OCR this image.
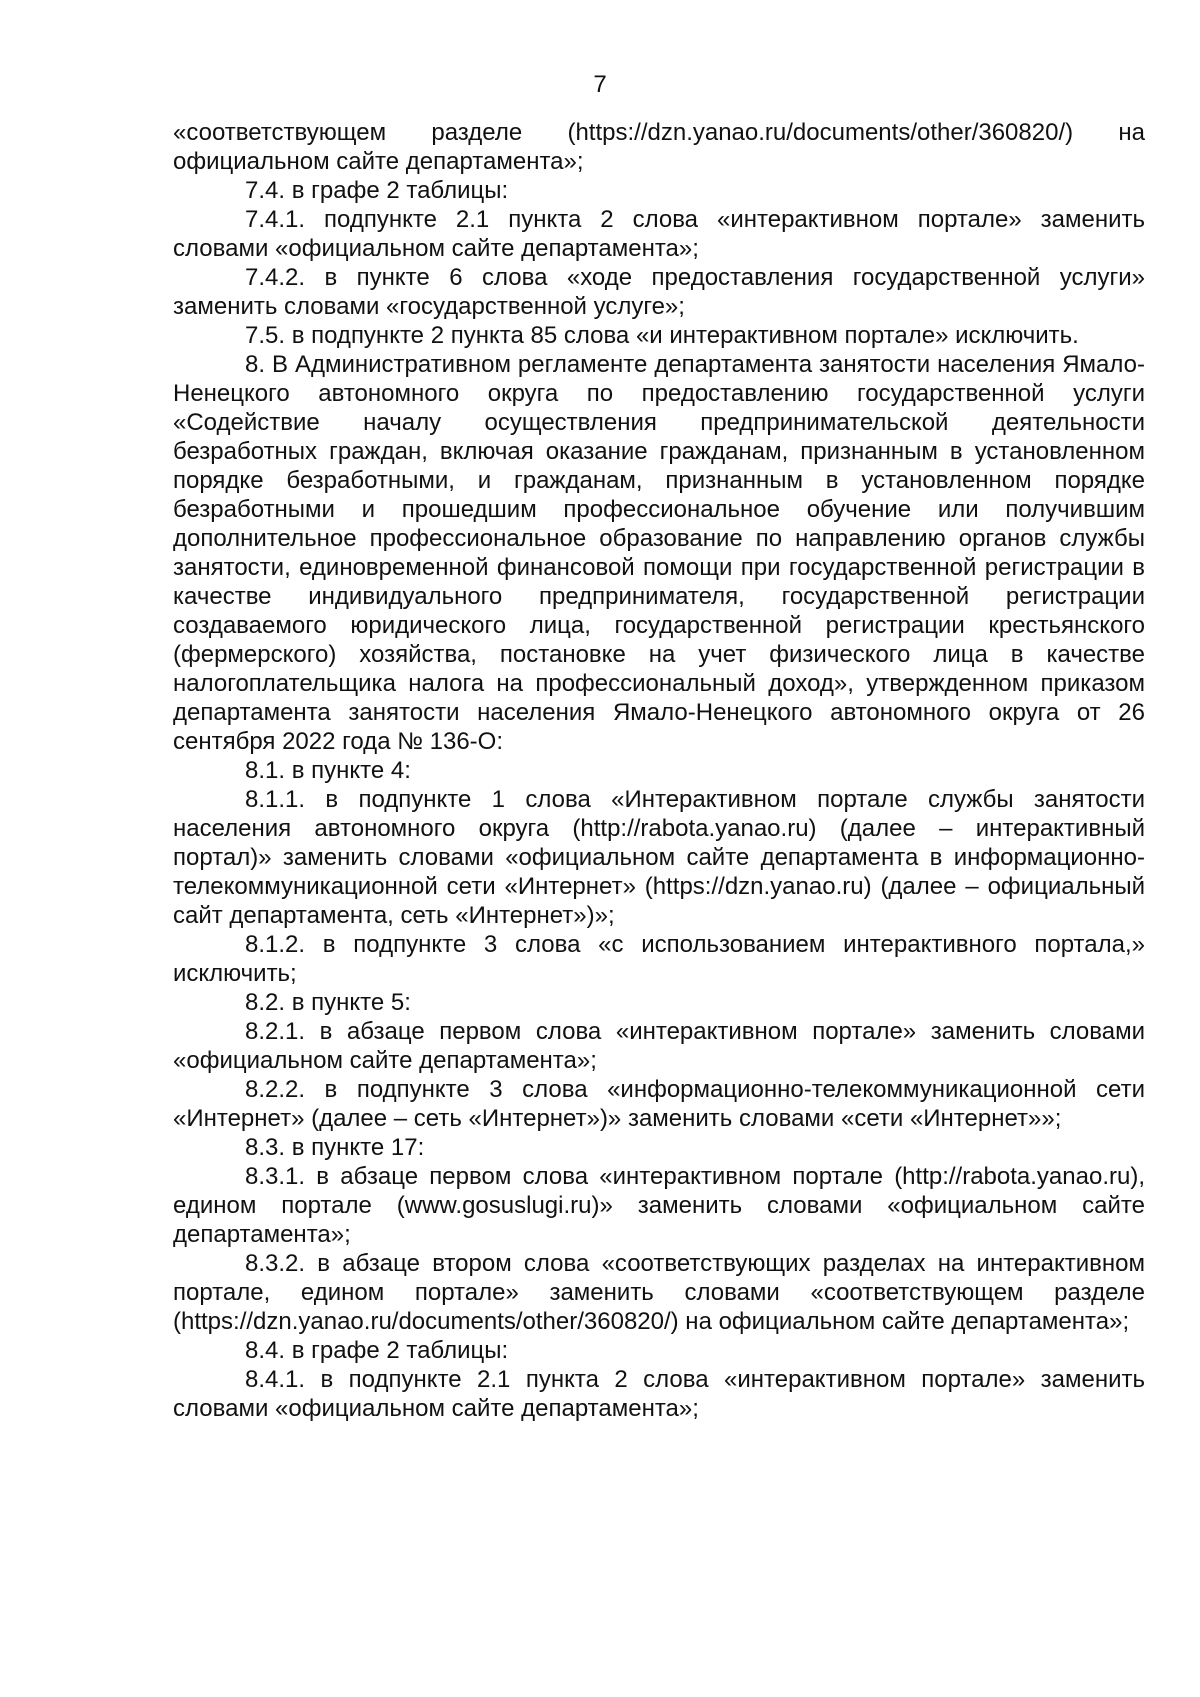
7

«соответствующем разделе (https://dzn.yanao.ru/documents/other/360820/) на официальном сайте департамента»;

7.4. в графе 2 таблицы:

7.4.1. подпункте 2.1 пункта 2 слова «интерактивном портале» заменить словами «официальном сайте департамента»;

7.4.2. в пункте 6 слова «ходе предоставления государственной услуги» заменить словами «государственной услуге»;

7.5. в подпункте 2 пункта 85 слова «и интерактивном портале» исключить.

8. В Административном регламенте департамента занятости населения Ямало-Ненецкого автономного округа по предоставлению государственной услуги «Содействие началу осуществления предпринимательской деятельности безработных граждан, включая оказание гражданам, признанным в установленном порядке безработными, и гражданам, признанным в установленном порядке безработными и прошедшим профессиональное обучение или получившим дополнительное профессиональное образование по направлению органов службы занятости, единовременной финансовой помощи при государственной регистрации в качестве индивидуального предпринимателя, государственной регистрации создаваемого юридического лица, государственной регистрации крестьянского (фермерского) хозяйства, постановке на учет физического лица в качестве налогоплательщика налога на профессиональный доход», утвержденном приказом департамента занятости населения Ямало-Ненецкого автономного округа от 26 сентября 2022 года № 136-О:

8.1. в пункте 4:

8.1.1. в подпункте 1 слова «Интерактивном портале службы занятости населения автономного округа (http://rabota.yanao.ru) (далее – интерактивный портал)» заменить словами «официальном сайте департамента в информационно-телекоммуникационной сети «Интернет» (https://dzn.yanao.ru) (далее – официальный сайт департамента, сеть «Интернет»)»;

8.1.2. в подпункте 3 слова «с использованием интерактивного портала,» исключить;

8.2. в пункте 5:

8.2.1. в абзаце первом слова «интерактивном портале» заменить словами «официальном сайте департамента»;

8.2.2. в подпункте 3 слова «информационно-телекоммуникационной сети «Интернет» (далее – сеть «Интернет»)» заменить словами «сети «Интернет»»;

8.3. в пункте 17:

8.3.1. в абзаце первом слова «интерактивном портале (http://rabota.yanao.ru), едином портале (www.gosuslugi.ru)» заменить словами «официальном сайте департамента»;

8.3.2. в абзаце втором слова «соответствующих разделах на интерактивном портале, едином портале» заменить словами «соответствующем разделе (https://dzn.yanao.ru/documents/other/360820/) на официальном сайте департамента»;

8.4. в графе 2 таблицы:

8.4.1. в подпункте 2.1 пункта 2 слова «интерактивном портале» заменить словами «официальном сайте департамента»;
